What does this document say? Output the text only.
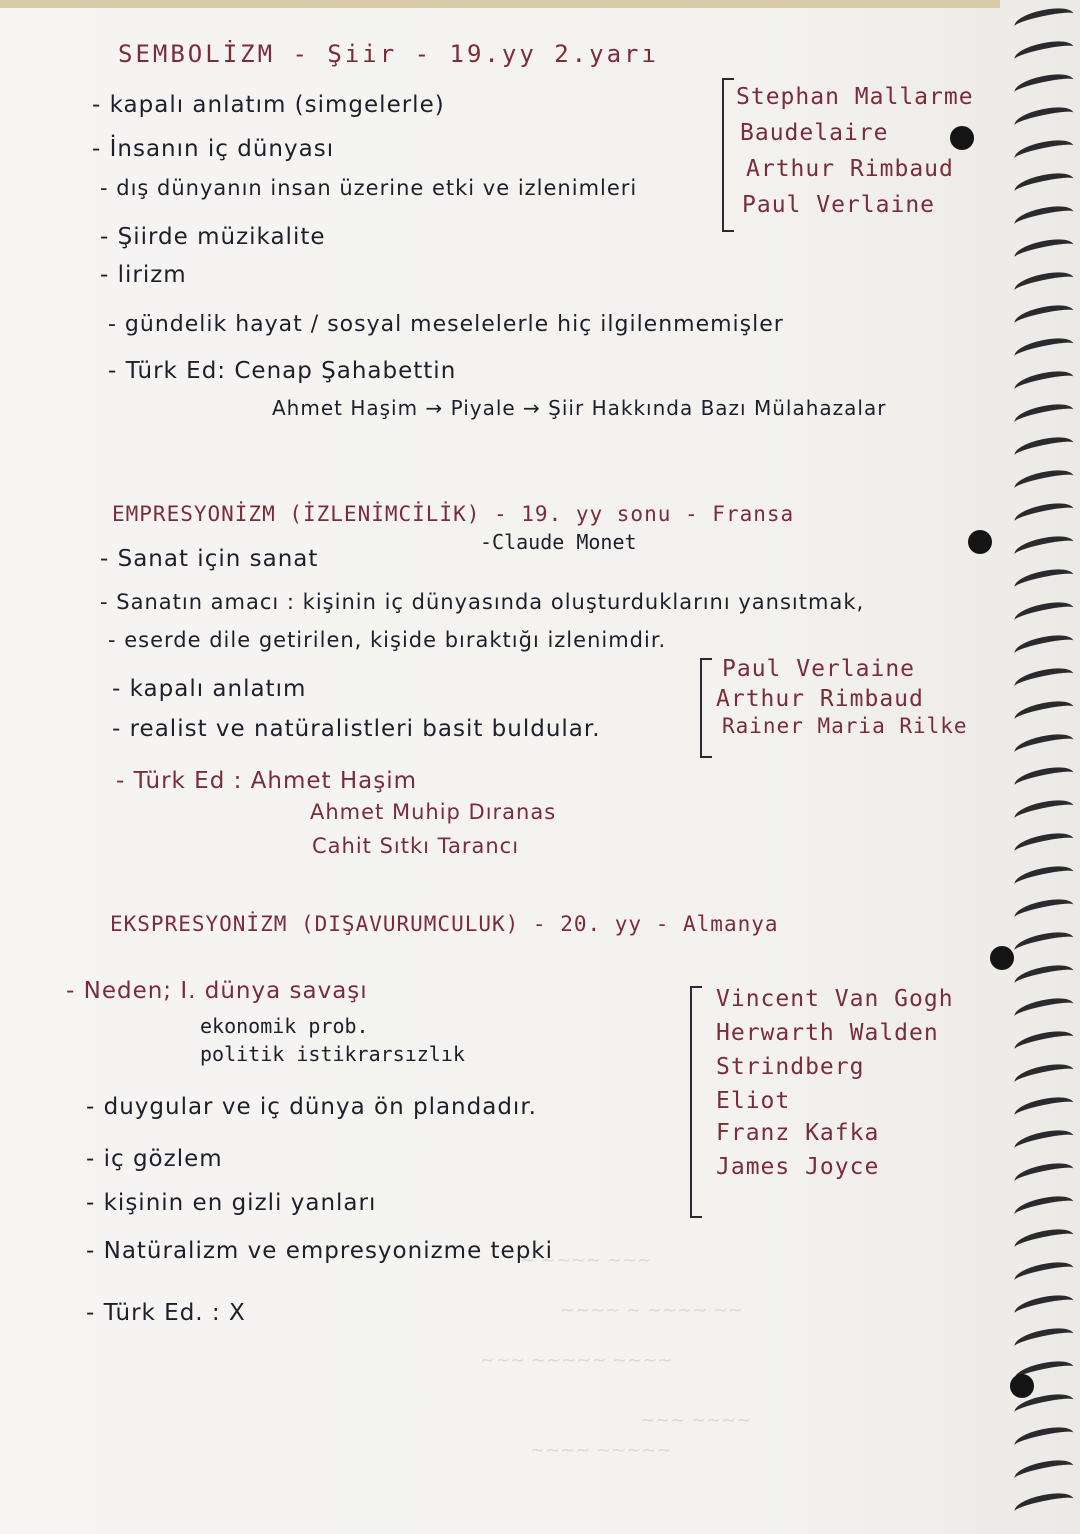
~ ~~~~ ~~~
~~~~ ~ ~~~~ ~~
~~~ ~~~~~ ~~~~
~~~ ~~~~
~~~~ ~~~~~
SEMBOLİZM - Şiir - 19.yy 2.yarı
- kapalı anlatım (simgelerle)
- İnsanın iç dünyası
- dış dünyanın insan üzerine etki ve izlenimleri
- Şiirde müzikalite
- lirizm
- gündelik hayat / sosyal meselelerle hiç ilgilenmemişler
- Türk Ed: Cenap Şahabettin
Ahmet Haşim → Piyale → Şiir Hakkında Bazı Mülahazalar
Stephan Mallarme
Baudelaire
Arthur Rimbaud
Paul Verlaine
EMPRESYONİZM (İZLENİMCİLİK) - 19. yy sonu - Fransa
-Claude Monet
- Sanat için sanat
- Sanatın amacı : kişinin iç dünyasında oluşturduklarını yansıtmak,
- eserde dile getirilen, kişide bıraktığı izlenimdir.
- kapalı anlatım
- realist ve natüralistleri basit buldular.
- Türk Ed : Ahmet Haşim
Ahmet Muhip Dıranas
Cahit Sıtkı Tarancı
Paul Verlaine
Arthur Rimbaud
Rainer Maria Rilke
EKSPRESYONİZM (DIŞAVURUMCULUK) - 20. yy - Almanya
- Neden; I. dünya savaşı
ekonomik prob.
politik istikrarsızlık
- duygular ve iç dünya ön plandadır.
- iç gözlem
- kişinin en gizli yanları
- Natüralizm ve empresyonizme tepki
- Türk Ed. : X
Vincent Van Gogh
Herwarth Walden
Strindberg
Eliot
Franz Kafka
James Joyce
